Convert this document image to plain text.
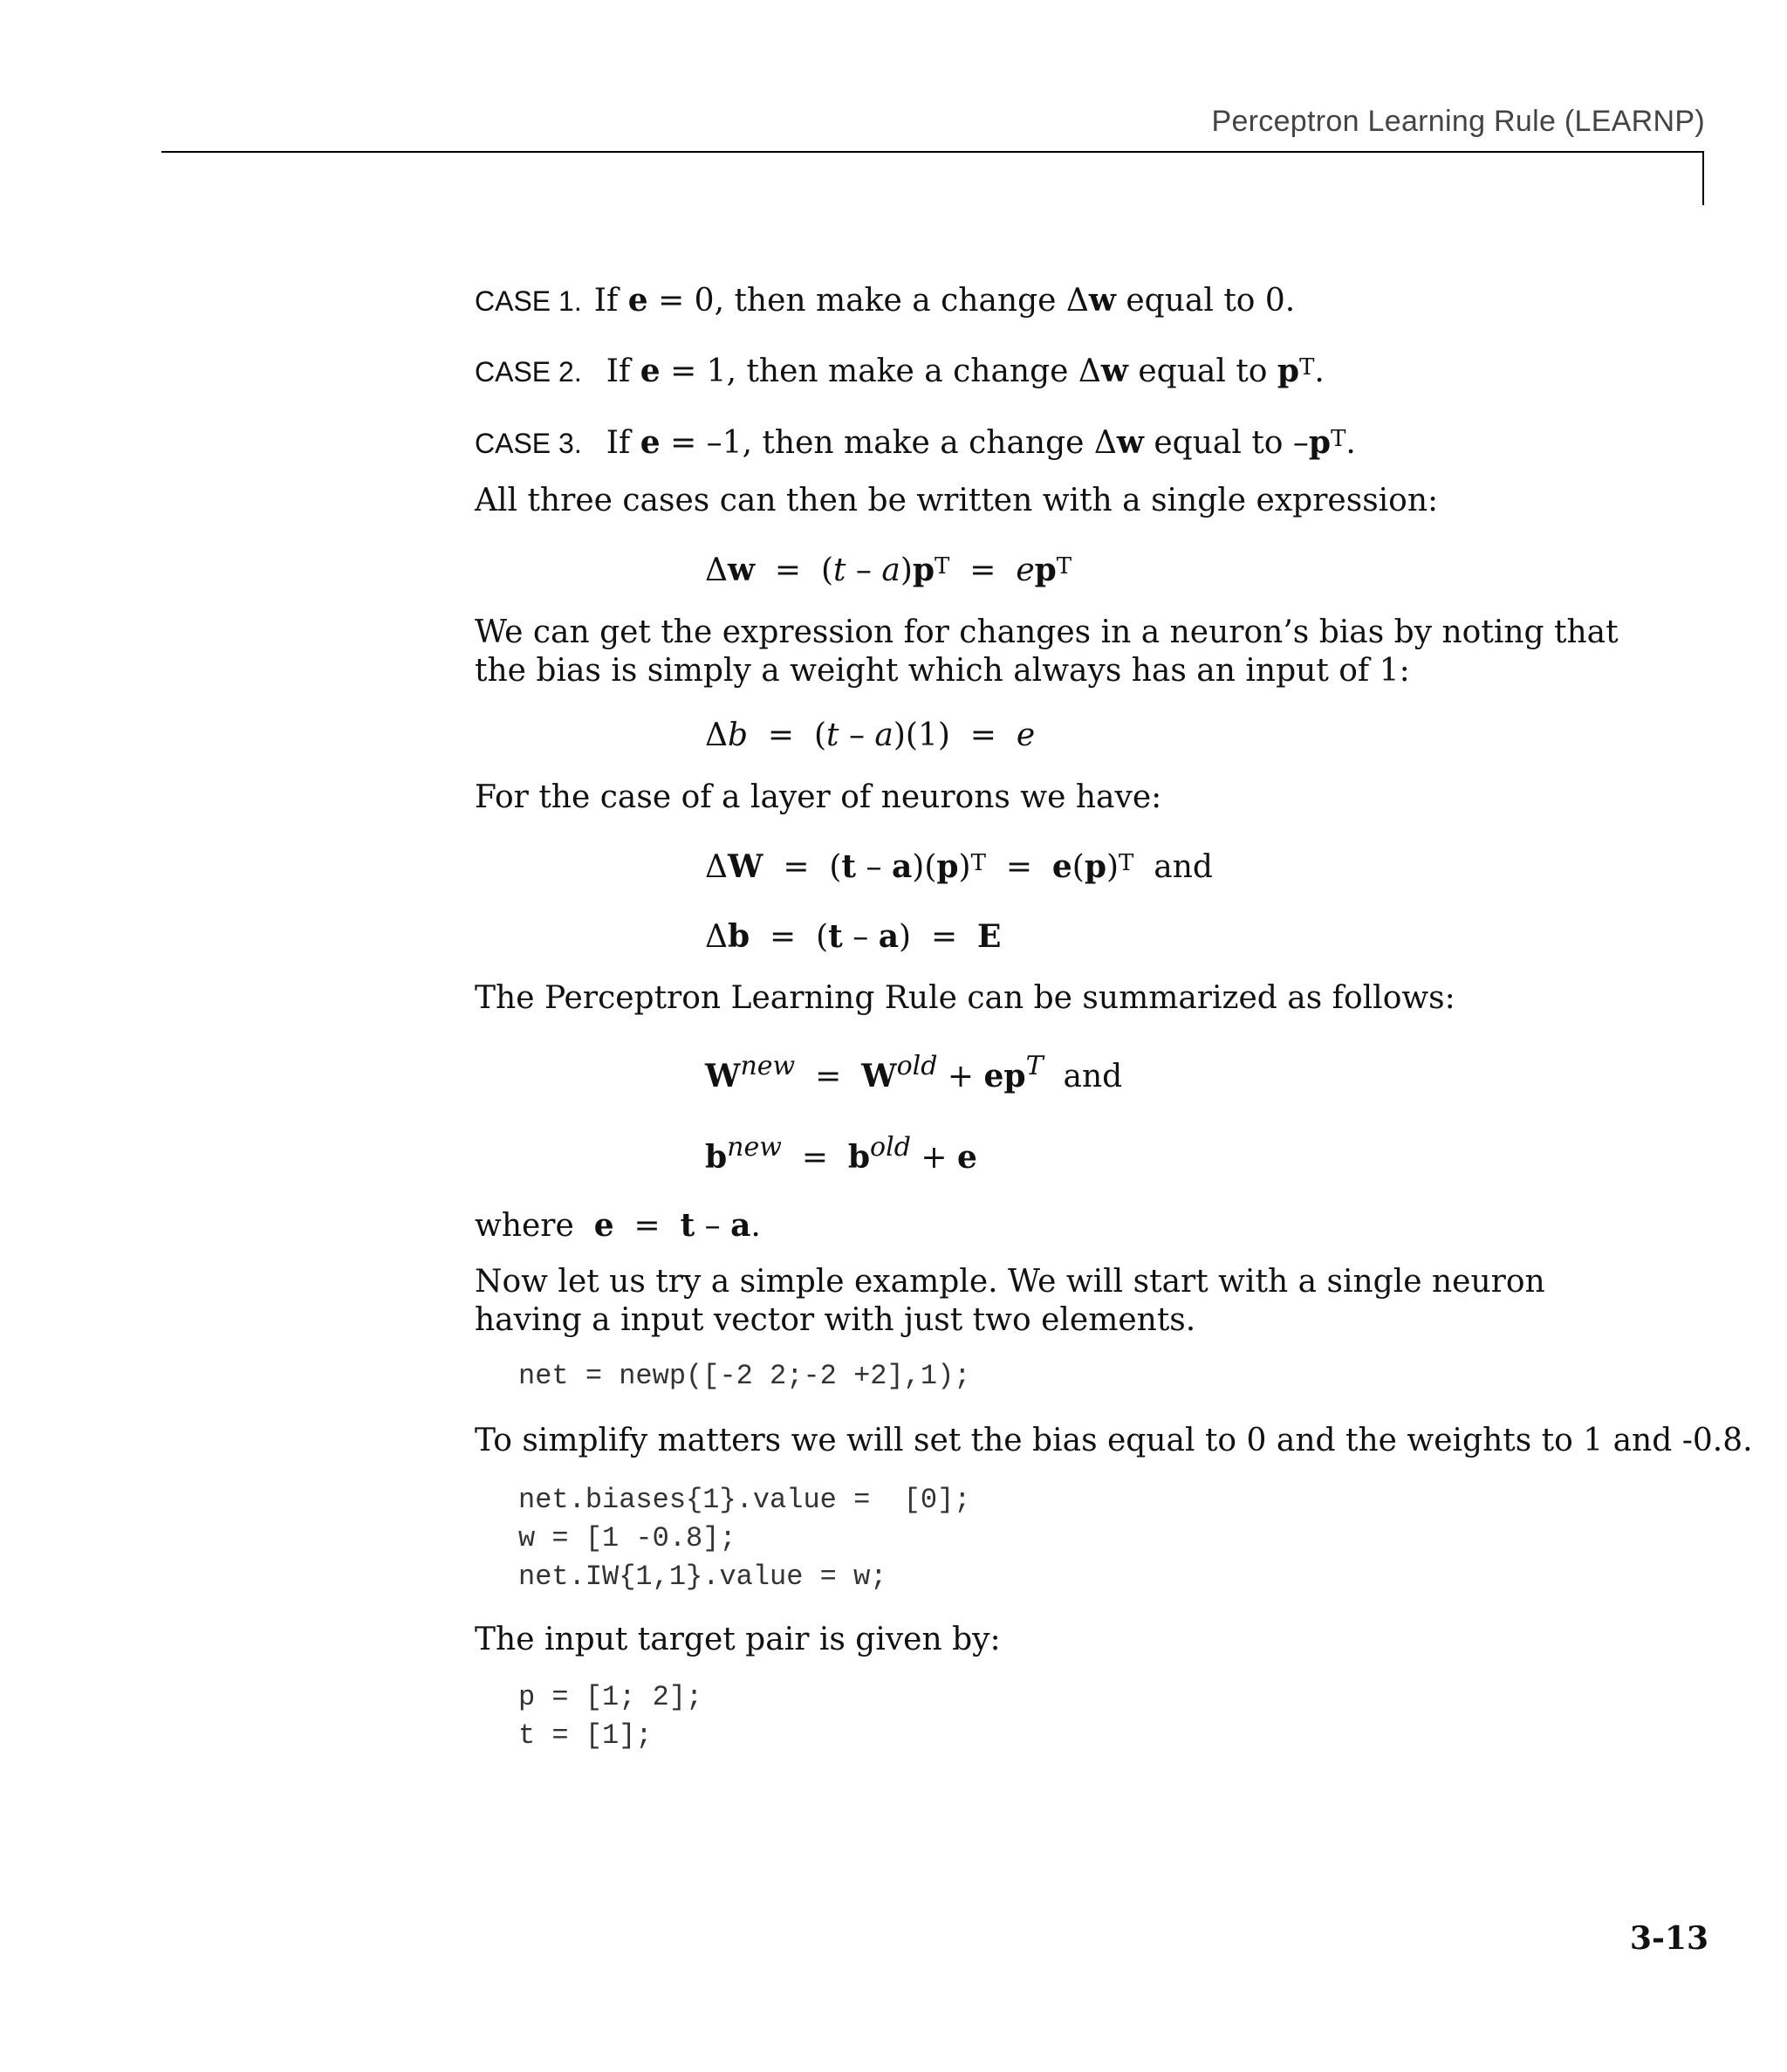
Perceptron Learning Rule (LEARNP)
CASE 1. If e = 0, then make a change Δw equal to 0.
CASE 2. If e = 1, then make a change Δw equal to $p^T$.
CASE 3. If e = –1, then make a change Δw equal to $-p^T$.
All three cases can then be written with a single expression:
$\Delta w = (t - a)p^T = ep^T$
We can get the expression for changes in a neuron’s bias by noting that the bias is simply a weight which always has an input of 1:
Δb  =  (t – a)(1)  =  e
For the case of a layer of neurons we have:
$\Delta W = (t - a)(p)^T = e(p)^T$ and
Δb  =  (t – a)  =  E
The Perceptron Learning Rule can be summarized as follows:
$W^{new} = W^{old} + ep^T$ and
$b^{new} = b^{old} + e$
where e  =  t – a.
Now let us try a simple example. We will start with a single neuron having a input vector with just two elements.
net = newp([-2 2;-2 +2],1);
To simplify matters we will set the bias equal to 0 and the weights to 1 and -0.8.
net.biases{1}.value =  [0];
w = [1 -0.8];
net.IW{1,1}.value = w;
The input target pair is given by:
p = [1; 2];
t = [1];
3-13
